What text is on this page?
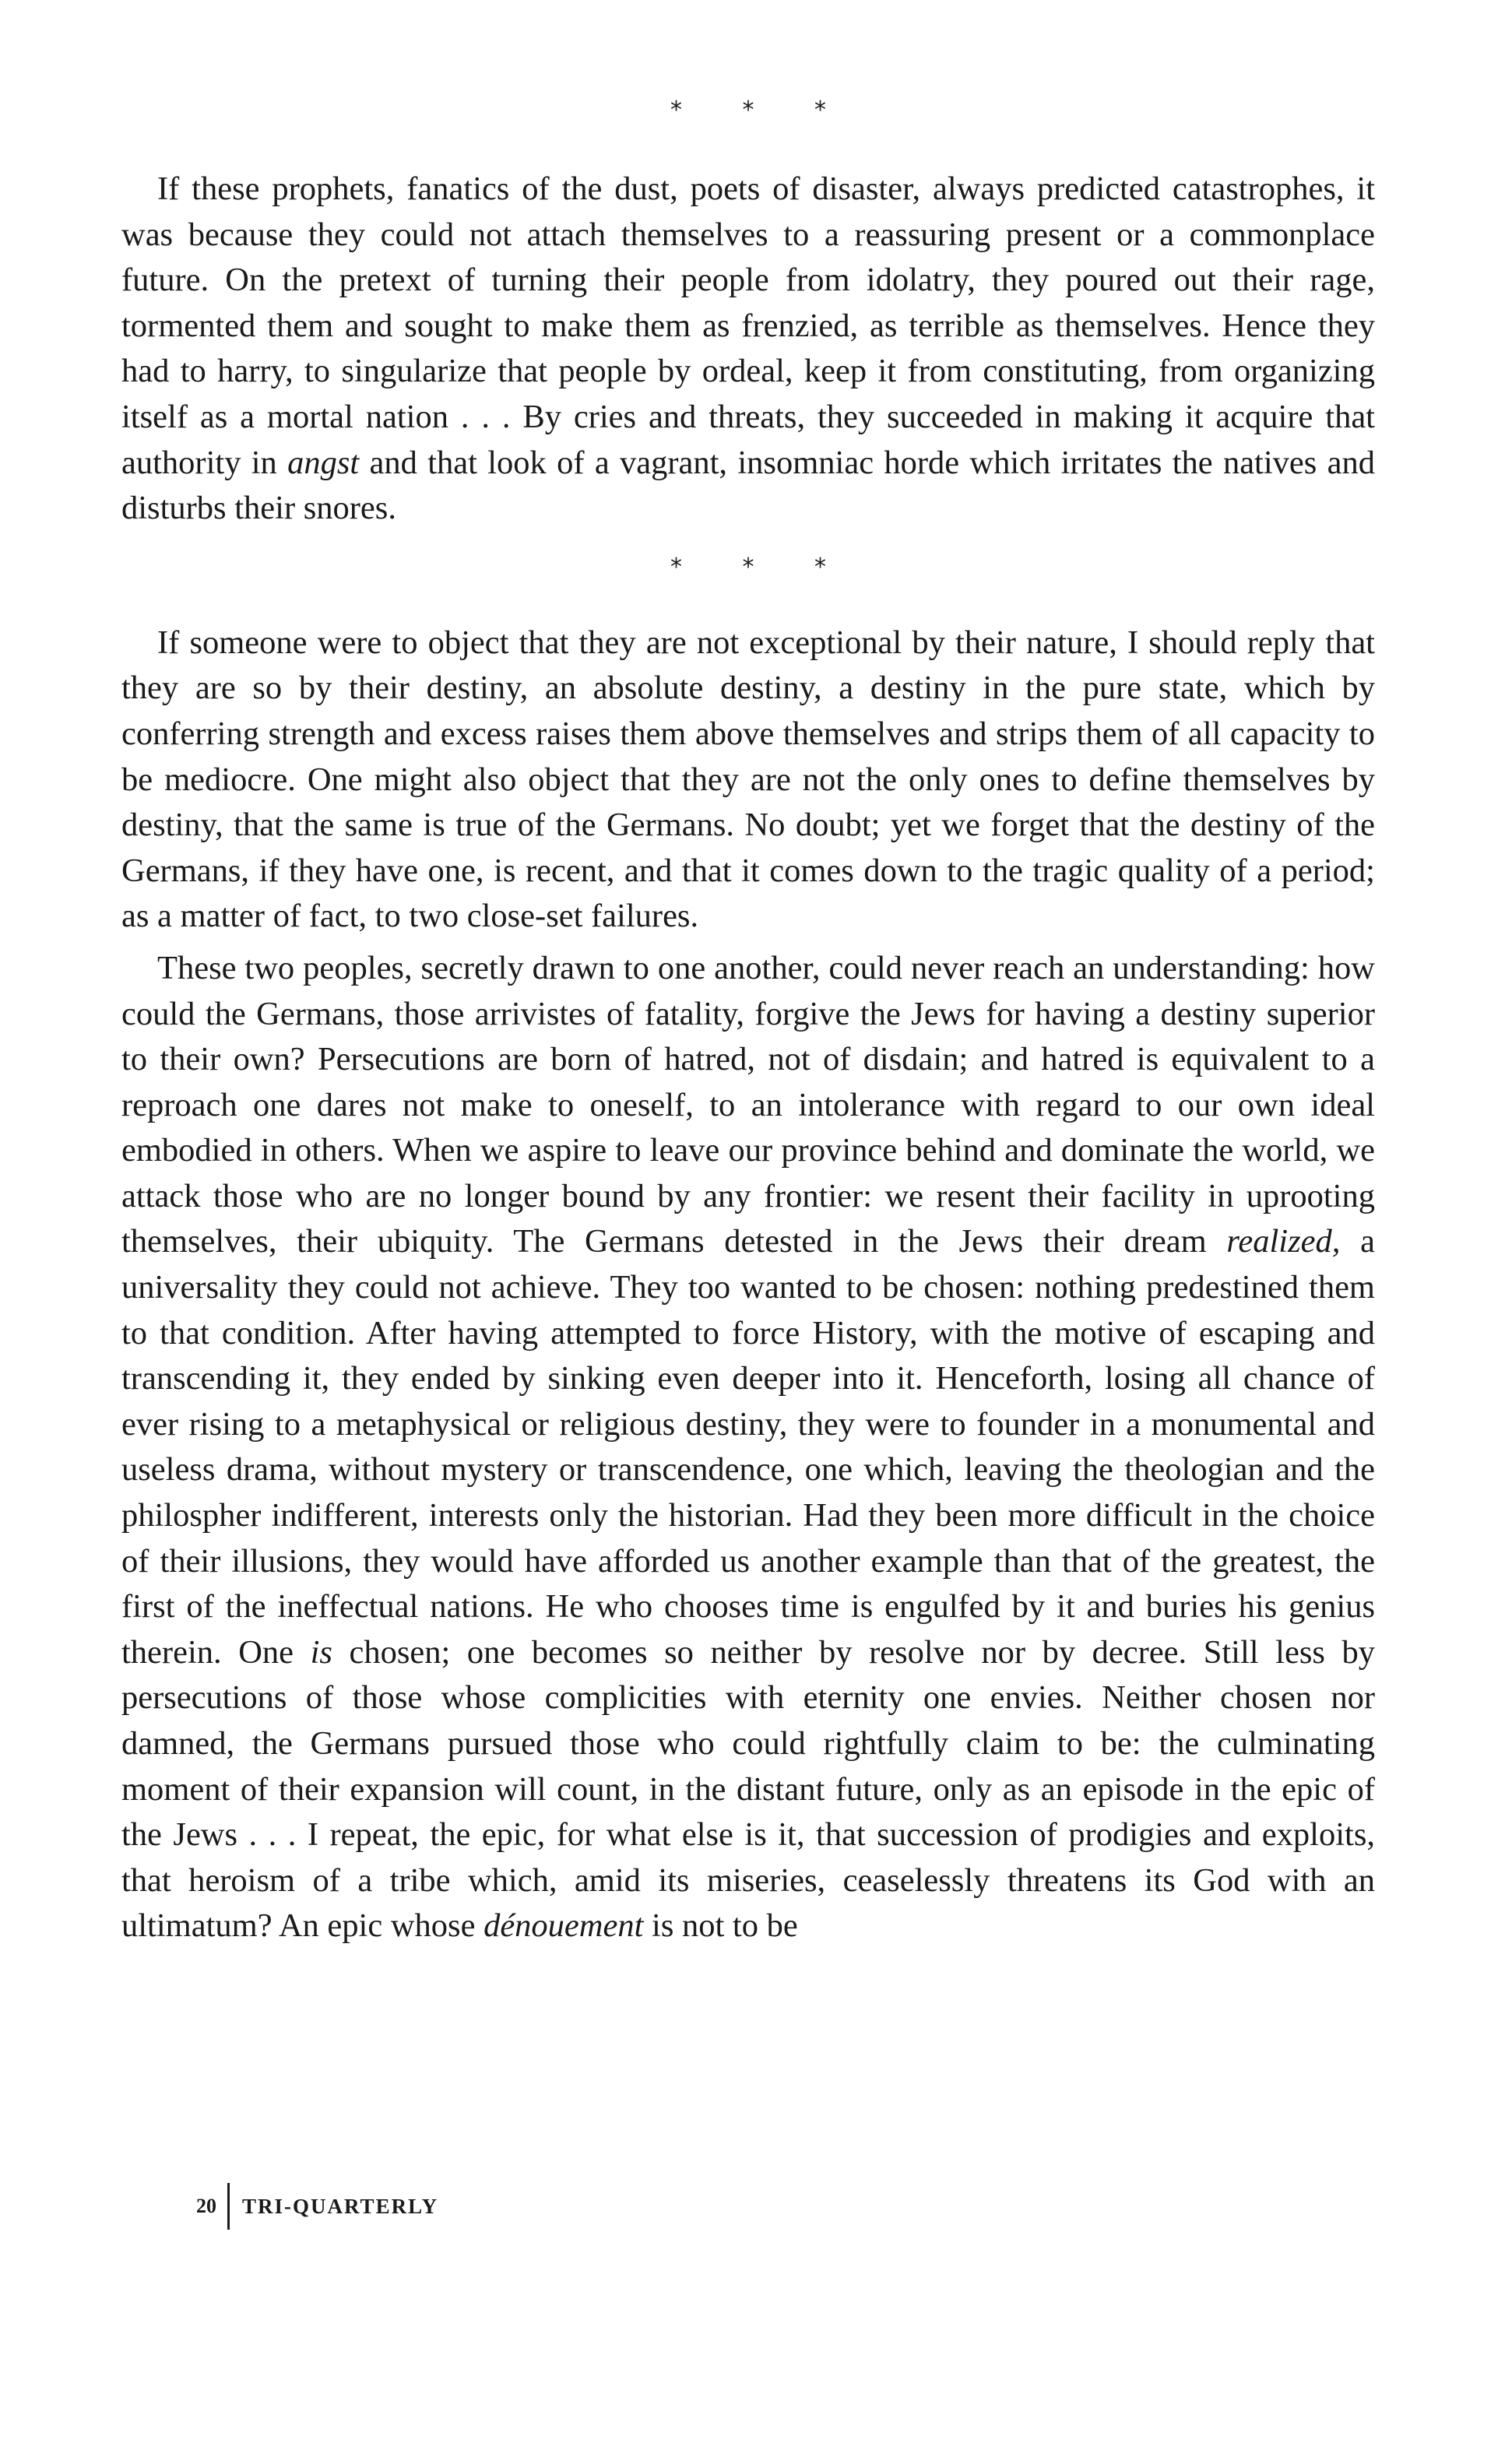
* * *

If these prophets, fanatics of the dust, poets of disaster, always predicted catastrophes, it was because they could not attach themselves to a reassuring present or a commonplace future. On the pretext of turning their people from idolatry, they poured out their rage, tormented them and sought to make them as frenzied, as terrible as themselves. Hence they had to harry, to singularize that people by ordeal, keep it from constituting, from organizing itself as a mortal nation . . . By cries and threats, they succeeded in making it acquire that authority in angst and that look of a vagrant, insomniac horde which irritates the natives and disturbs their snores.

* * *

If someone were to object that they are not exceptional by their nature, I should reply that they are so by their destiny, an absolute destiny, a destiny in the pure state, which by conferring strength and excess raises them above themselves and strips them of all capacity to be mediocre. One might also object that they are not the only ones to define themselves by destiny, that the same is true of the Germans. No doubt; yet we forget that the destiny of the Germans, if they have one, is recent, and that it comes down to the tragic quality of a period; as a matter of fact, to two close-set failures.

These two peoples, secretly drawn to one another, could never reach an understanding: how could the Germans, those arrivistes of fatality, forgive the Jews for having a destiny superior to their own? Persecutions are born of hatred, not of disdain; and hatred is equivalent to a reproach one dares not make to oneself, to an intolerance with regard to our own ideal embodied in others. When we aspire to leave our province behind and dominate the world, we attack those who are no longer bound by any frontier: we resent their facility in uprooting themselves, their ubiquity. The Germans detested in the Jews their dream realized, a universality they could not achieve. They too wanted to be chosen: nothing predestined them to that condition. After having attempted to force History, with the motive of escaping and transcending it, they ended by sinking even deeper into it. Henceforth, losing all chance of ever rising to a metaphysical or religious destiny, they were to founder in a monumental and useless drama, without mystery or transcendence, one which, leaving the theologian and the philospher indifferent, interests only the historian. Had they been more difficult in the choice of their illusions, they would have afforded us another example than that of the greatest, the first of the ineffectual nations. He who chooses time is engulfed by it and buries his genius therein. One is chosen; one becomes so neither by resolve nor by decree. Still less by persecutions of those whose complicities with eternity one envies. Neither chosen nor damned, the Germans pursued those who could rightfully claim to be: the culminating moment of their expansion will count, in the distant future, only as an episode in the epic of the Jews . . . I repeat, the epic, for what else is it, that succession of prodigies and exploits, that heroism of a tribe which, amid its miseries, ceaselessly threatens its God with an ultimatum? An epic whose dénouement is not to be

20	TRI-QUARTERLY
